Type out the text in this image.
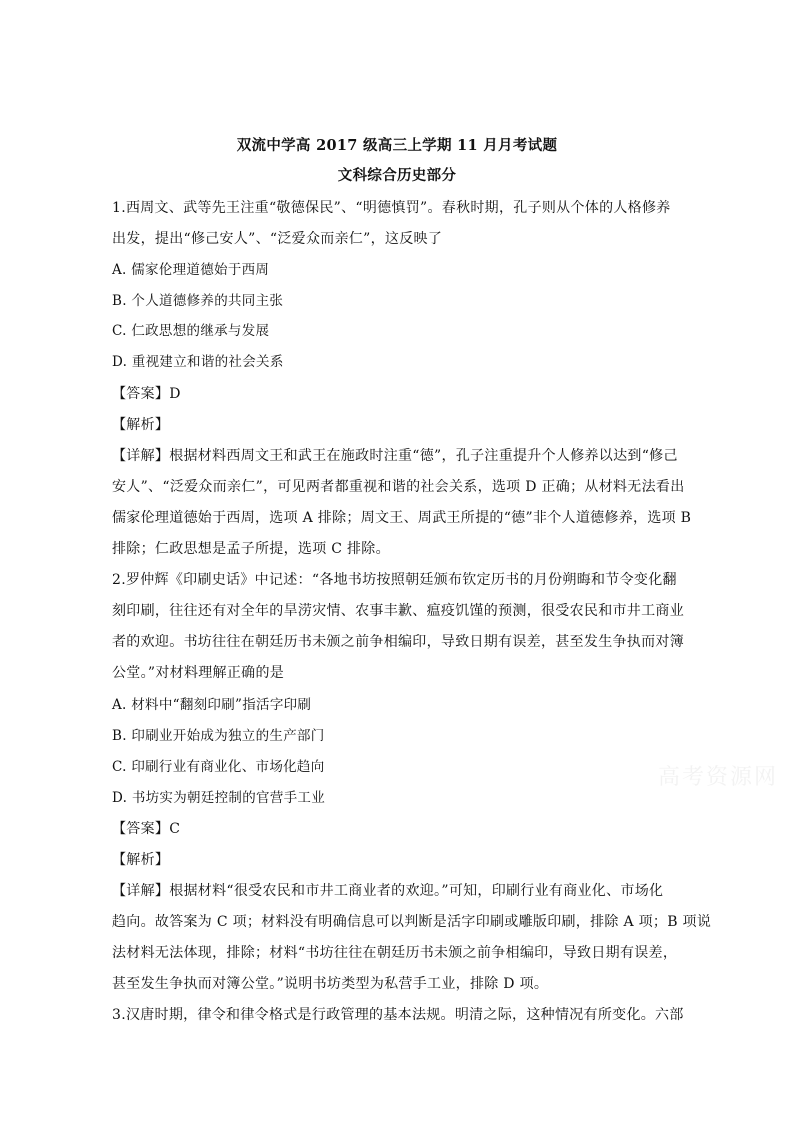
双流中学高 2017 级高三上学期 11 月月考试题
文科综合历史部分
1.西周文、武等先王注重“敬德保民”、“明德慎罚”。春秋时期，孔子则从个体的人格修养
出发，提出“修己安人”、“泛爱众而亲仁”，这反映了
A. 儒家伦理道德始于西周
B. 个人道德修养的共同主张
C. 仁政思想的继承与发展
D. 重视建立和谐的社会关系
【答案】D
【解析】
【详解】根据材料西周文王和武王在施政时注重“德”，孔子注重提升个人修养以达到“修己
安人”、“泛爱众而亲仁”，可见两者都重视和谐的社会关系，选项 D 正确；从材料无法看出
儒家伦理道德始于西周，选项 A 排除；周文王、周武王所提的“德”非个人道德修养，选项 B
排除；仁政思想是孟子所提，选项 C 排除。
2.罗仲辉《印刷史话》中记述：“各地书坊按照朝廷颁布钦定历书的月份朔晦和节令变化翻
刻印刷，往往还有对全年的旱涝灾情、农事丰歉、瘟疫饥馑的预测，很受农民和市井工商业
者的欢迎。书坊往往在朝廷历书未颁之前争相编印，导致日期有误差，甚至发生争执而对簿
公堂。”对材料理解正确的是
A. 材料中“翻刻印刷”指活字印刷
B. 印刷业开始成为独立的生产部门
C. 印刷行业有商业化、市场化趋向
D. 书坊实为朝廷控制的官营手工业
【答案】C
【解析】
【详解】根据材料“很受农民和市井工商业者的欢迎。”可知，印刷行业有商业化、市场化
趋向。故答案为 C 项；材料没有明确信息可以判断是活字印刷或雕版印刷，排除 A 项；B 项说
法材料无法体现，排除；材料“书坊往往在朝廷历书未颁之前争相编印，导致日期有误差，
甚至发生争执而对簿公堂。”说明书坊类型为私营手工业，排除 D 项。
3.汉唐时期，律令和律令格式是行政管理的基本法规。明清之际，这种情况有所变化。六部
高考资源网
